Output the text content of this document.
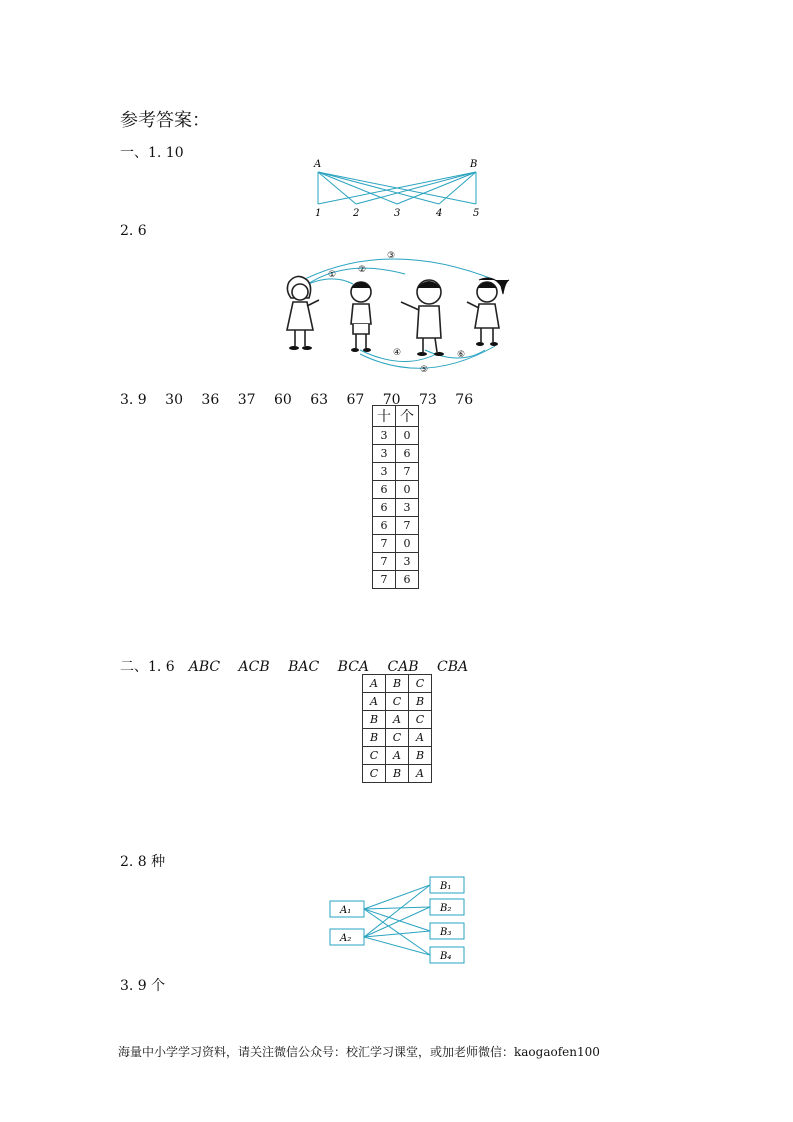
参考答案：
一、1. 10
A	B
1	2	3	4	5
2. 6
③
②
①
④
⑤
⑥
3. 9　 30　 36　 37　 60　 63　 67　 70　 73　 76
十	个
3	0
3	6
3	7
6	0
6	3
6	7
7	0
7	3
7	6
二、1. 6　ABC　 ACB　 BAC　 BCA　 CAB　 CBA
A	B	C
A	C	B
B	A	C
B	C	A
C	A	B
C	B	A
2. 8 种
A₁
A₂
B₁
B₂
B₃
B₄
3. 9 个
海量中小学学习资料，请关注微信公众号：校汇学习课堂，或加老师微信：kaogaofen100
